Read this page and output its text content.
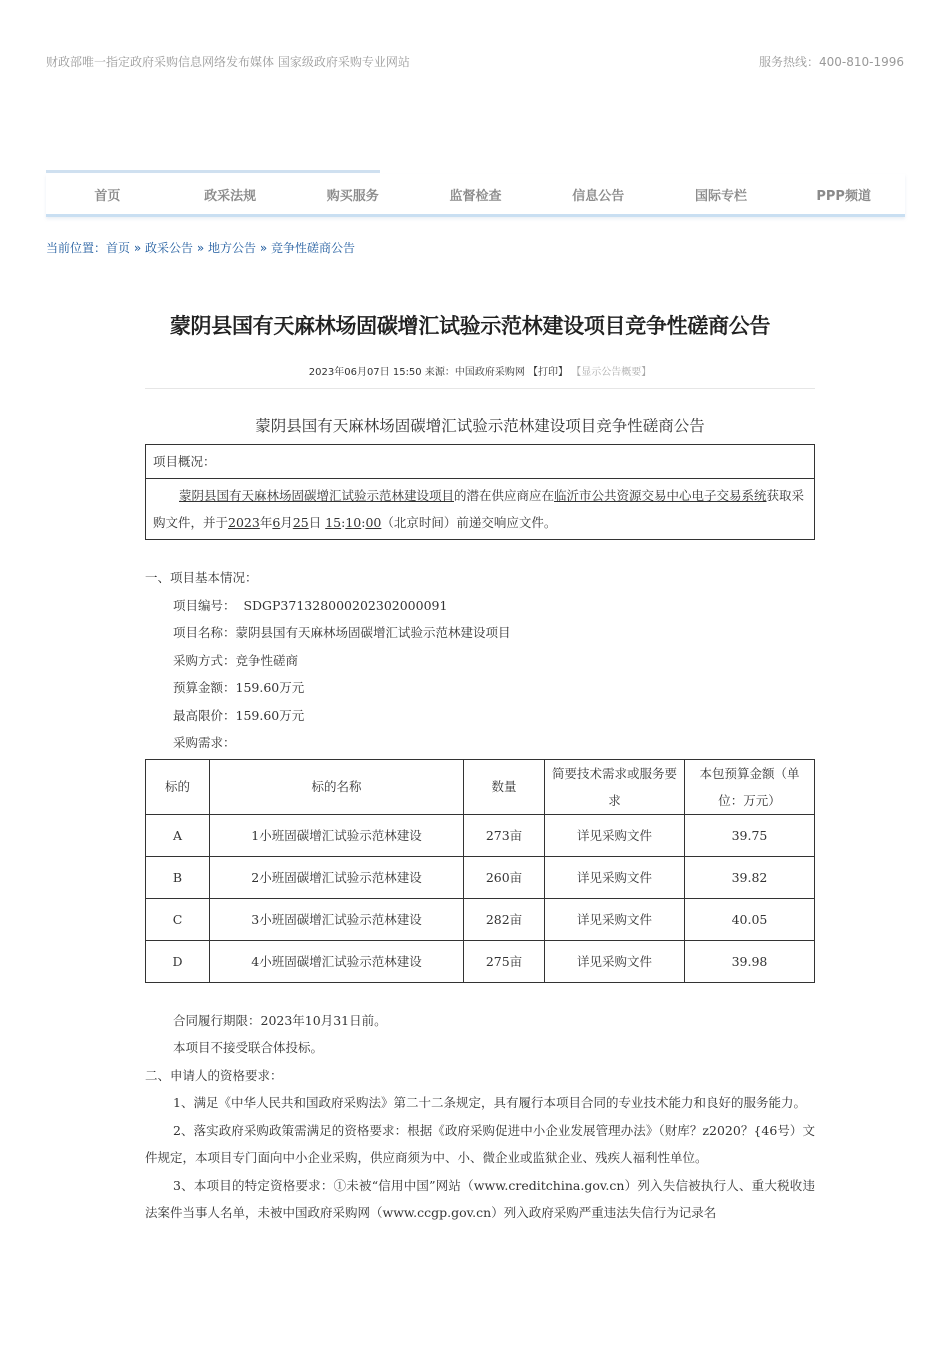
财政部唯一指定政府采购信息网络发布媒体 国家级政府采购专业网站	服务热线：400-810-1996
首页	政采法规	购买服务	监督检查	信息公告	国际专栏	PPP频道
当前位置：首页 » 政采公告 » 地方公告 » 竞争性磋商公告
蒙阴县国有天麻林场固碳增汇试验示范林建设项目竞争性磋商公告
2023年06月07日 15:50 来源：中国政府采购网 【打印】 【显示公告概要】
蒙阴县国有天麻林场固碳增汇试验示范林建设项目竞争性磋商公告
项目概况：
蒙阴县国有天麻林场固碳增汇试验示范林建设项目的潜在供应商应在临沂市公共资源交易中心电子交易系统获取采购文件，并于2023年6月25日 15:10:00（北京时间）前递交响应文件。

一、项目基本情况：

项目编号：  SDGP371328000202302000091
项目名称：蒙阴县国有天麻林场固碳增汇试验示范林建设项目
采购方式：竞争性磋商
预算金额：159.60万元
最高限价：159.60万元
采购需求：
标的	标的名称	数量	简要技术需求或服务要求	本包预算金额（单位：万元）
A	1小班固碳增汇试验示范林建设	273亩	详见采购文件	39.75
B	2小班固碳增汇试验示范林建设	260亩	详见采购文件	39.82
C	3小班固碳增汇试验示范林建设	282亩	详见采购文件	40.05
D	4小班固碳增汇试验示范林建设	275亩	详见采购文件	39.98
合同履行期限：2023年10月31日前。
本项目不接受联合体投标。

二、申请人的资格要求：

1、满足《中华人民共和国政府采购法》第二十二条规定，具有履行本项目合同的专业技术能力和良好的服务能力。

2、落实政府采购政策需满足的资格要求：根据《政府采购促进中小企业发展管理办法》（财库？z2020？{46号）文件规定，本项目专门面向中小企业采购，供应商须为中、小、微企业或监狱企业、残疾人福利性单位。

3、本项目的特定资格要求：①未被“信用中国”网站（www.creditchina.gov.cn）列入失信被执行人、重大税收违法案件当事人名单，未被中国政府采购网（www.ccgp.gov.cn）列入政府采购严重违法失信行为记录名
